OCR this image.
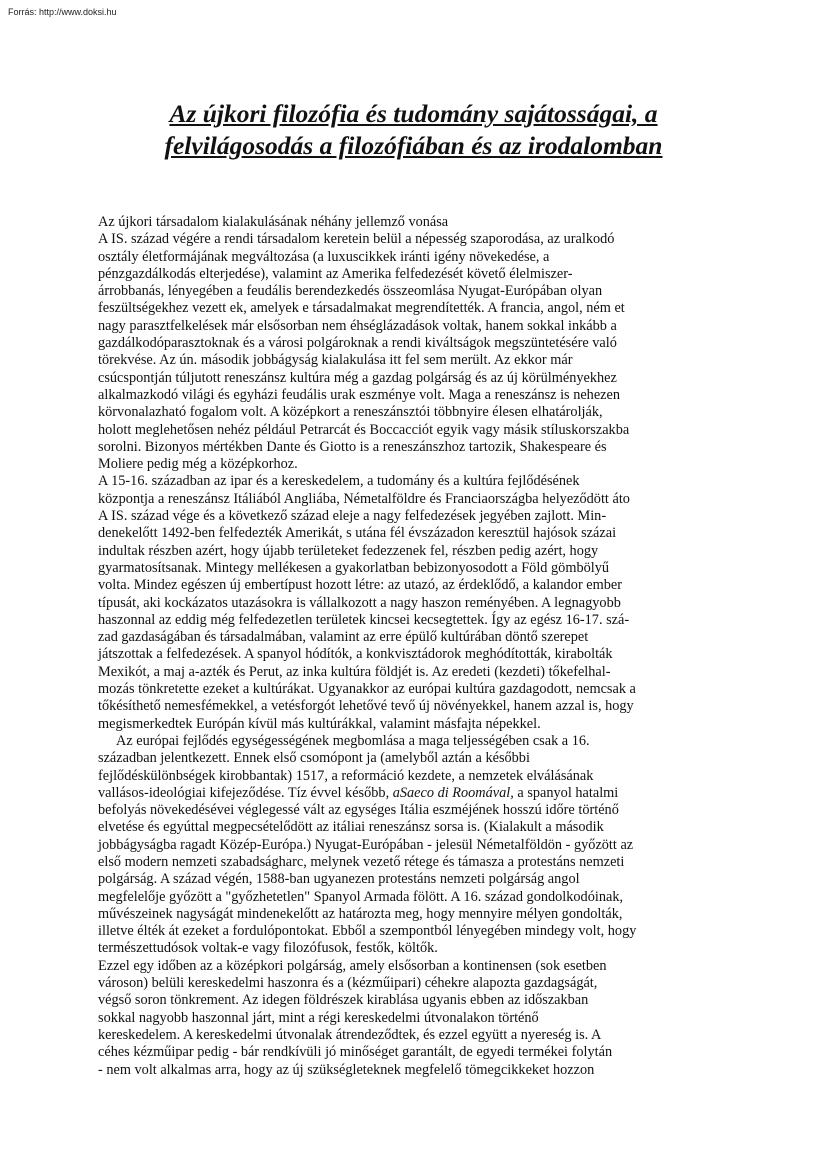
Forrás: http://www.doksi.hu
Az újkori filozófia és tudomány sajátosságai, a
felvilágosodás a filozófiában és az irodalomban
Az újkori társadalom kialakulásának néhány jellemző vonása
A IS. század végére a rendi társadalom keretein belül a népesség szaporodása, az uralkodó
osztály életformájának megváltozása (a luxuscikkek iránti igény növekedése, a
pénzgazdálkodás elterjedése), valamint az Amerika felfedezését követő élelmiszer-
árrobbanás, lényegében a feudális berendezkedés összeomlása Nyugat-Európában olyan
feszültségekhez vezett ek, amelyek e társadalmakat megrendítették. A francia, angol, ném et
nagy parasztfelkelések már elsősorban nem éhséglázadások voltak, hanem sokkal inkább a
gazdálkodóparasztoknak és a városi polgároknak a rendi kiváltságok megszüntetésére való
törekvése. Az ún. második jobbágyság kialakulása itt fel sem merült. Az ekkor már
csúcspontján túljutott reneszánsz kultúra még a gazdag polgárság és az új körülményekhez
alkalmazkodó világi és egyházi feudális urak eszménye volt. Maga a reneszánsz is nehezen
körvonalazható fogalom volt. A középkort a reneszánsztói többnyire élesen elhatárolják,
holott meglehetősen nehéz például Petrarcát és Boccacciót egyik vagy másik stíluskorszakba
sorolni. Bizonyos mértékben Dante és Giotto is a reneszánszhoz tartozik, Shakespeare és
Moliere pedig még a középkorhoz.
A 15-16. században az ipar és a kereskedelem, a tudomány és a kultúra fejlődésének
központja a reneszánsz Itáliából Angliába, Németalföldre és Franciaországba helyeződött áto
A IS. század vége és a következő század eleje a nagy felfedezések jegyében zajlott. Min-
denekelőtt 1492-ben felfedezték Amerikát, s utána fél évszázadon keresztül hajósok százai
indultak részben azért, hogy újabb területeket fedezzenek fel, részben pedig azért, hogy
gyarmatosítsanak. Mintegy mellékesen a gyakorlatban bebizonyosodott a Föld gömbölyű
volta. Mindez egészen új embertípust hozott létre: az utazó, az érdeklődő, a kalandor ember
típusát, aki kockázatos utazásokra is vállalkozott a nagy haszon reményében. A legnagyobb
haszonnal az eddig még felfedezetlen területek kincsei kecsegtettek. Így az egész 16-17. szá-
zad gazdaságában és társadalmában, valamint az erre épülő kultúrában döntő szerepet
játszottak a felfedezések. A spanyol hódítók, a konkvisztádorok meghódították, kirabolták
Mexikót, a maj a-azték és Perut, az inka kultúra földjét is. Az eredeti (kezdeti) tőkefelhal-
mozás tönkretette ezeket a kultúrákat. Ugyanakkor az európai kultúra gazdagodott, nemcsak a
tőkésíthető nemesfémekkel, a vetésforgót lehetővé tevő új növényekkel, hanem azzal is, hogy
megismerkedtek Európán kívül más kultúrákkal, valamint másfajta népekkel.
Az európai fejlődés egységességének megbomlása a maga teljességében csak a 16.
században jelentkezett. Ennek első csomópont ja (amelyből aztán a későbbi
fejlődéskülönbségek kirobbantak) 1517, a reformáció kezdete, a nemzetek elválásának
vallásos-ideológiai kifejeződése. Tíz évvel később, aSaeco di Roomával, a spanyol hatalmi
befolyás növekedésévei véglegessé vált az egységes Itália eszméjének hosszú időre történő
elvetése és egyúttal megpecsételődött az itáliai reneszánsz sorsa is. (Kialakult a második
jobbágyságba ragadt Közép-Európa.) Nyugat-Európában - jelesül Németalföldön - győzött az
első modern nemzeti szabadságharc, melynek vezető rétege és támasza a protestáns nemzeti
polgárság. A század végén, 1588-ban ugyanezen protestáns nemzeti polgárság angol
megfelelője győzött a "győzhetetlen" Spanyol Armada fölött. A 16. század gondolkodóinak,
művészeinek nagyságát mindenekelőtt az határozta meg, hogy mennyire mélyen gondolták,
illetve élték át ezeket a fordulópontokat. Ebből a szempontból lényegében mindegy volt, hogy
természettudósok voltak-e vagy filozófusok, festők, költők.
Ezzel egy időben az a középkori polgárság, amely elsősorban a kontinensen (sok esetben
városon) belüli kereskedelmi haszonra és a (kézműipari) céhekre alapozta gazdagságát,
végső soron tönkrement. Az idegen földrészek kirablása ugyanis ebben az időszakban
sokkal nagyobb haszonnal járt, mint a régi kereskedelmi útvonalakon történő
kereskedelem. A kereskedelmi útvonalak átrendeződtek, és ezzel együtt a nyereség is. A
céhes kézműipar pedig - bár rendkívüli jó minőséget garantált, de egyedi termékei folytán
- nem volt alkalmas arra, hogy az új szükségleteknek megfelelő tömegcikkeket hozzon
